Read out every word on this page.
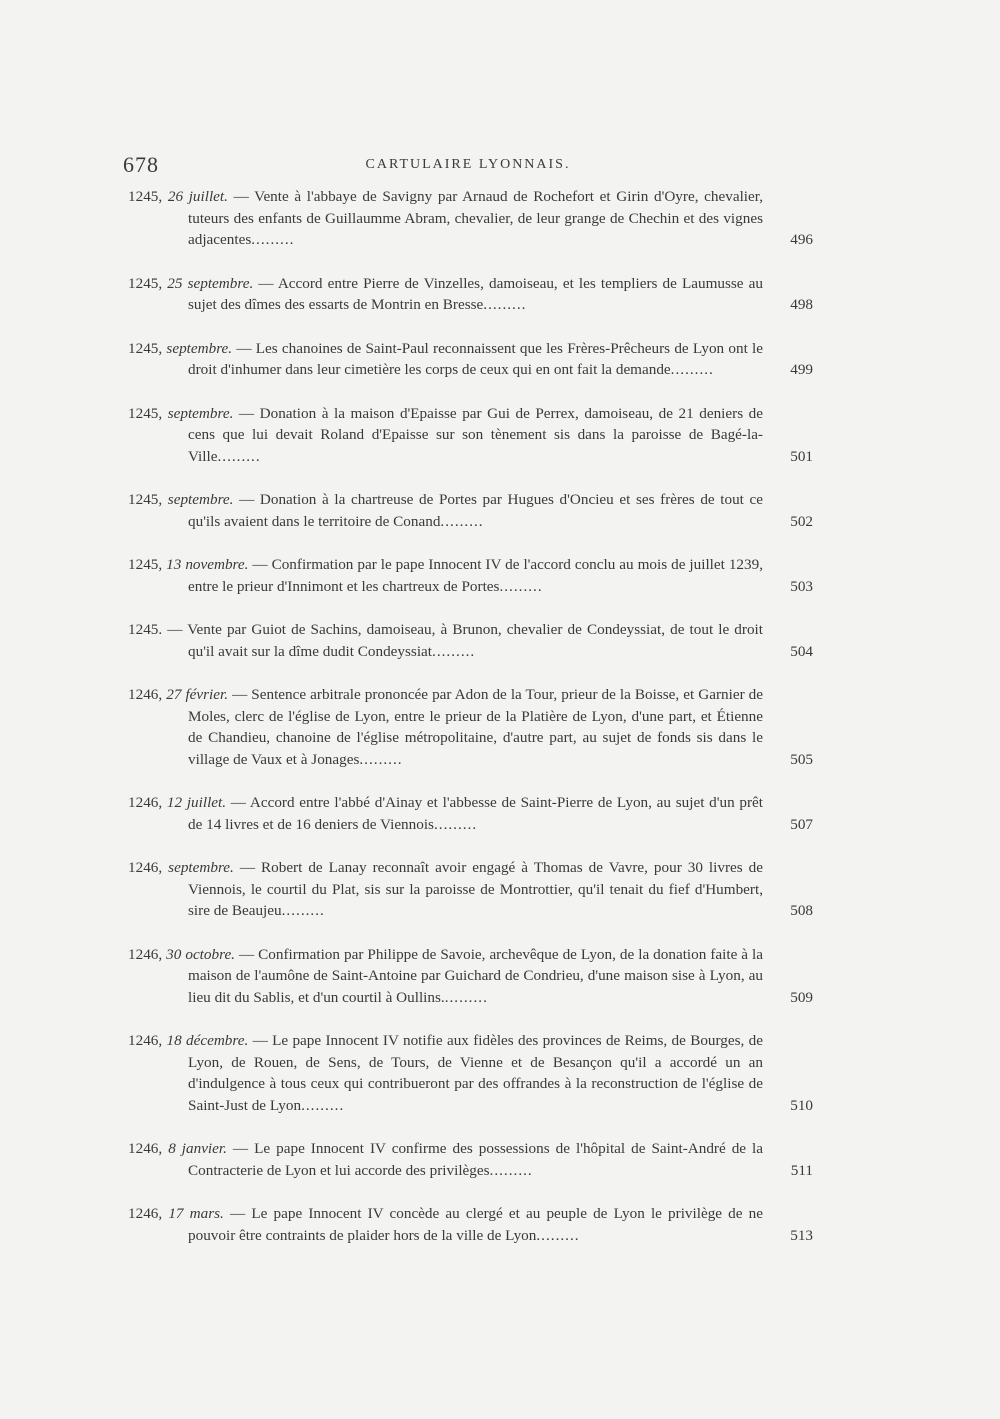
678	CARTULAIRE LYONNAIS.
1245, 26 juillet. — Vente à l'abbaye de Savigny par Arnaud de Rochefort et Girin d'Oyre, chevalier, tuteurs des enfants de Guillaumme Abram, chevalier, de leur grange de Chechin et des vignes adjacentes.........	496
1245, 25 septembre. — Accord entre Pierre de Vinzelles, damoiseau, et les templiers de Laumusse au sujet des dîmes des essarts de Montrin en Bresse.........	498
1245, septembre. — Les chanoines de Saint-Paul reconnaissent que les Frères-Prêcheurs de Lyon ont le droit d'inhumer dans leur cimetière les corps de ceux qui en ont fait la demande.........	499
1245, septembre. — Donation à la maison d'Epaisse par Gui de Perrex, damoiseau, de 21 deniers de cens que lui devait Roland d'Epaisse sur son tènement sis dans la paroisse de Bagé-la-Ville.........	501
1245, septembre. — Donation à la chartreuse de Portes par Hugues d'Oncieu et ses frères de tout ce qu'ils avaient dans le territoire de Conand.........	502
1245, 13 novembre. — Confirmation par le pape Innocent IV de l'accord conclu au mois de juillet 1239, entre le prieur d'Innimont et les chartreux de Portes.........	503
1245. — Vente par Guiot de Sachins, damoiseau, à Brunon, chevalier de Condeyssiat, de tout le droit qu'il avait sur la dîme dudit Condeyssiat.........	504
1246, 27 février. — Sentence arbitrale prononcée par Adon de la Tour, prieur de la Boisse, et Garnier de Moles, clerc de l'église de Lyon, entre le prieur de la Platière de Lyon, d'une part, et Étienne de Chandieu, chanoine de l'église métropolitaine, d'autre part, au sujet de fonds sis dans le village de Vaux et à Jonages.........	505
1246, 12 juillet. — Accord entre l'abbé d'Ainay et l'abbesse de Saint-Pierre de Lyon, au sujet d'un prêt de 14 livres et de 16 deniers de Viennois.........	507
1246, septembre. — Robert de Lanay reconnaît avoir engagé à Thomas de Vavre, pour 30 livres de Viennois, le courtil du Plat, sis sur la paroisse de Montrottier, qu'il tenait du fief d'Humbert, sire de Beaujeu.........	508
1246, 30 octobre. — Confirmation par Philippe de Savoie, archevêque de Lyon, de la donation faite à la maison de l'aumône de Saint-Antoine par Guichard de Condrieu, d'une maison sise à Lyon, au lieu dit du Sablis, et d'un courtil à Oullins..........	509
1246, 18 décembre. — Le pape Innocent IV notifie aux fidèles des provinces de Reims, de Bourges, de Lyon, de Rouen, de Sens, de Tours, de Vienne et de Besançon qu'il a accordé un an d'indulgence à tous ceux qui contribueront par des offrandes à la reconstruction de l'église de Saint-Just de Lyon.........	510
1246, 8 janvier. — Le pape Innocent IV confirme des possessions de l'hôpital de Saint-André de la Contracterie de Lyon et lui accorde des privilèges.........	511
1246, 17 mars. — Le pape Innocent IV concède au clergé et au peuple de Lyon le privilège de ne pouvoir être contraints de plaider hors de la ville de Lyon.........	513
